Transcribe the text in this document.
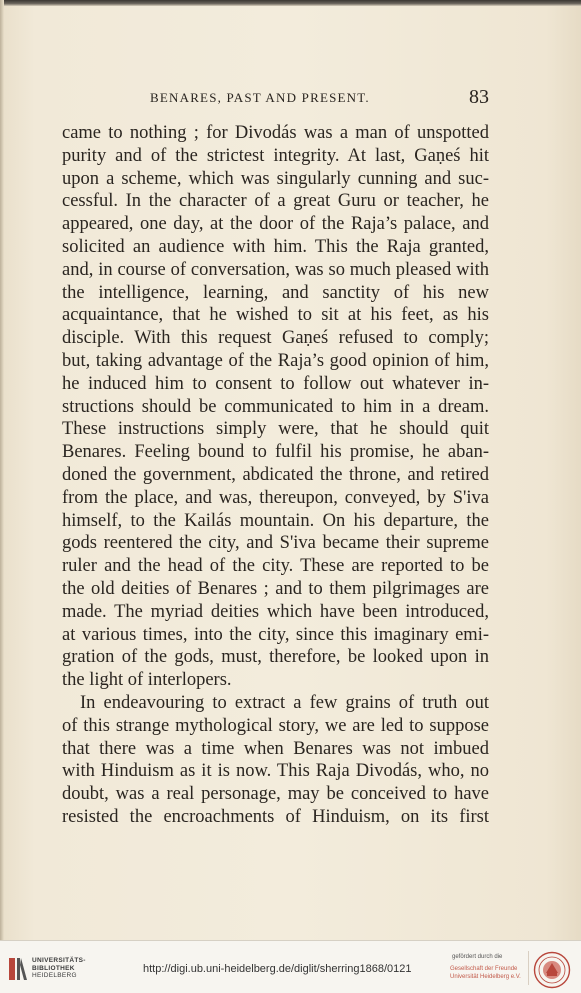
BENARES, PAST AND PRESENT.	83
came to nothing ; for Divodás was a man of unspotted
purity and of the strictest integrity. At last, Gaṇeś hit
upon a scheme, which was singularly cunning and suc-
cessful. In the character of a great Guru or teacher, he
appeared, one day, at the door of the Raja’s palace, and
solicited an audience with him. This the Raja granted,
and, in course of conversation, was so much pleased with
the intelligence, learning, and sanctity of his new
acquaintance, that he wished to sit at his feet, as his
disciple. With this request Gaṇeś refused to comply;
but, taking advantage of the Raja’s good opinion of him,
he induced him to consent to follow out whatever in-
structions should be communicated to him in a dream.
These instructions simply were, that he should quit
Benares. Feeling bound to fulfil his promise, he aban-
doned the government, abdicated the throne, and retired
from the place, and was, thereupon, conveyed, by S'iva
himself, to the Kailás mountain. On his departure, the
gods reentered the city, and S'iva became their supreme
ruler and the head of the city. These are reported to be
the old deities of Benares ; and to them pilgrimages are
made. The myriad deities which have been introduced,
at various times, into the city, since this imaginary emi-
gration of the gods, must, therefore, be looked upon in
the light of interlopers.
In endeavouring to extract a few grains of truth out
of this strange mythological story, we are led to suppose
that there was a time when Benares was not imbued
with Hinduism as it is now. This Raja Divodás, who, no
doubt, was a real personage, may be conceived to have
resisted the encroachments of Hinduism, on its first
UNIVERSITÄTS-
BIBLIOTHEK
HEIDELBERG
http://digi.ub.uni-heidelberg.de/diglit/sherring1868/0121
gefördert durch die
Gesellschaft der Freunde
Universität Heidelberg e.V.
